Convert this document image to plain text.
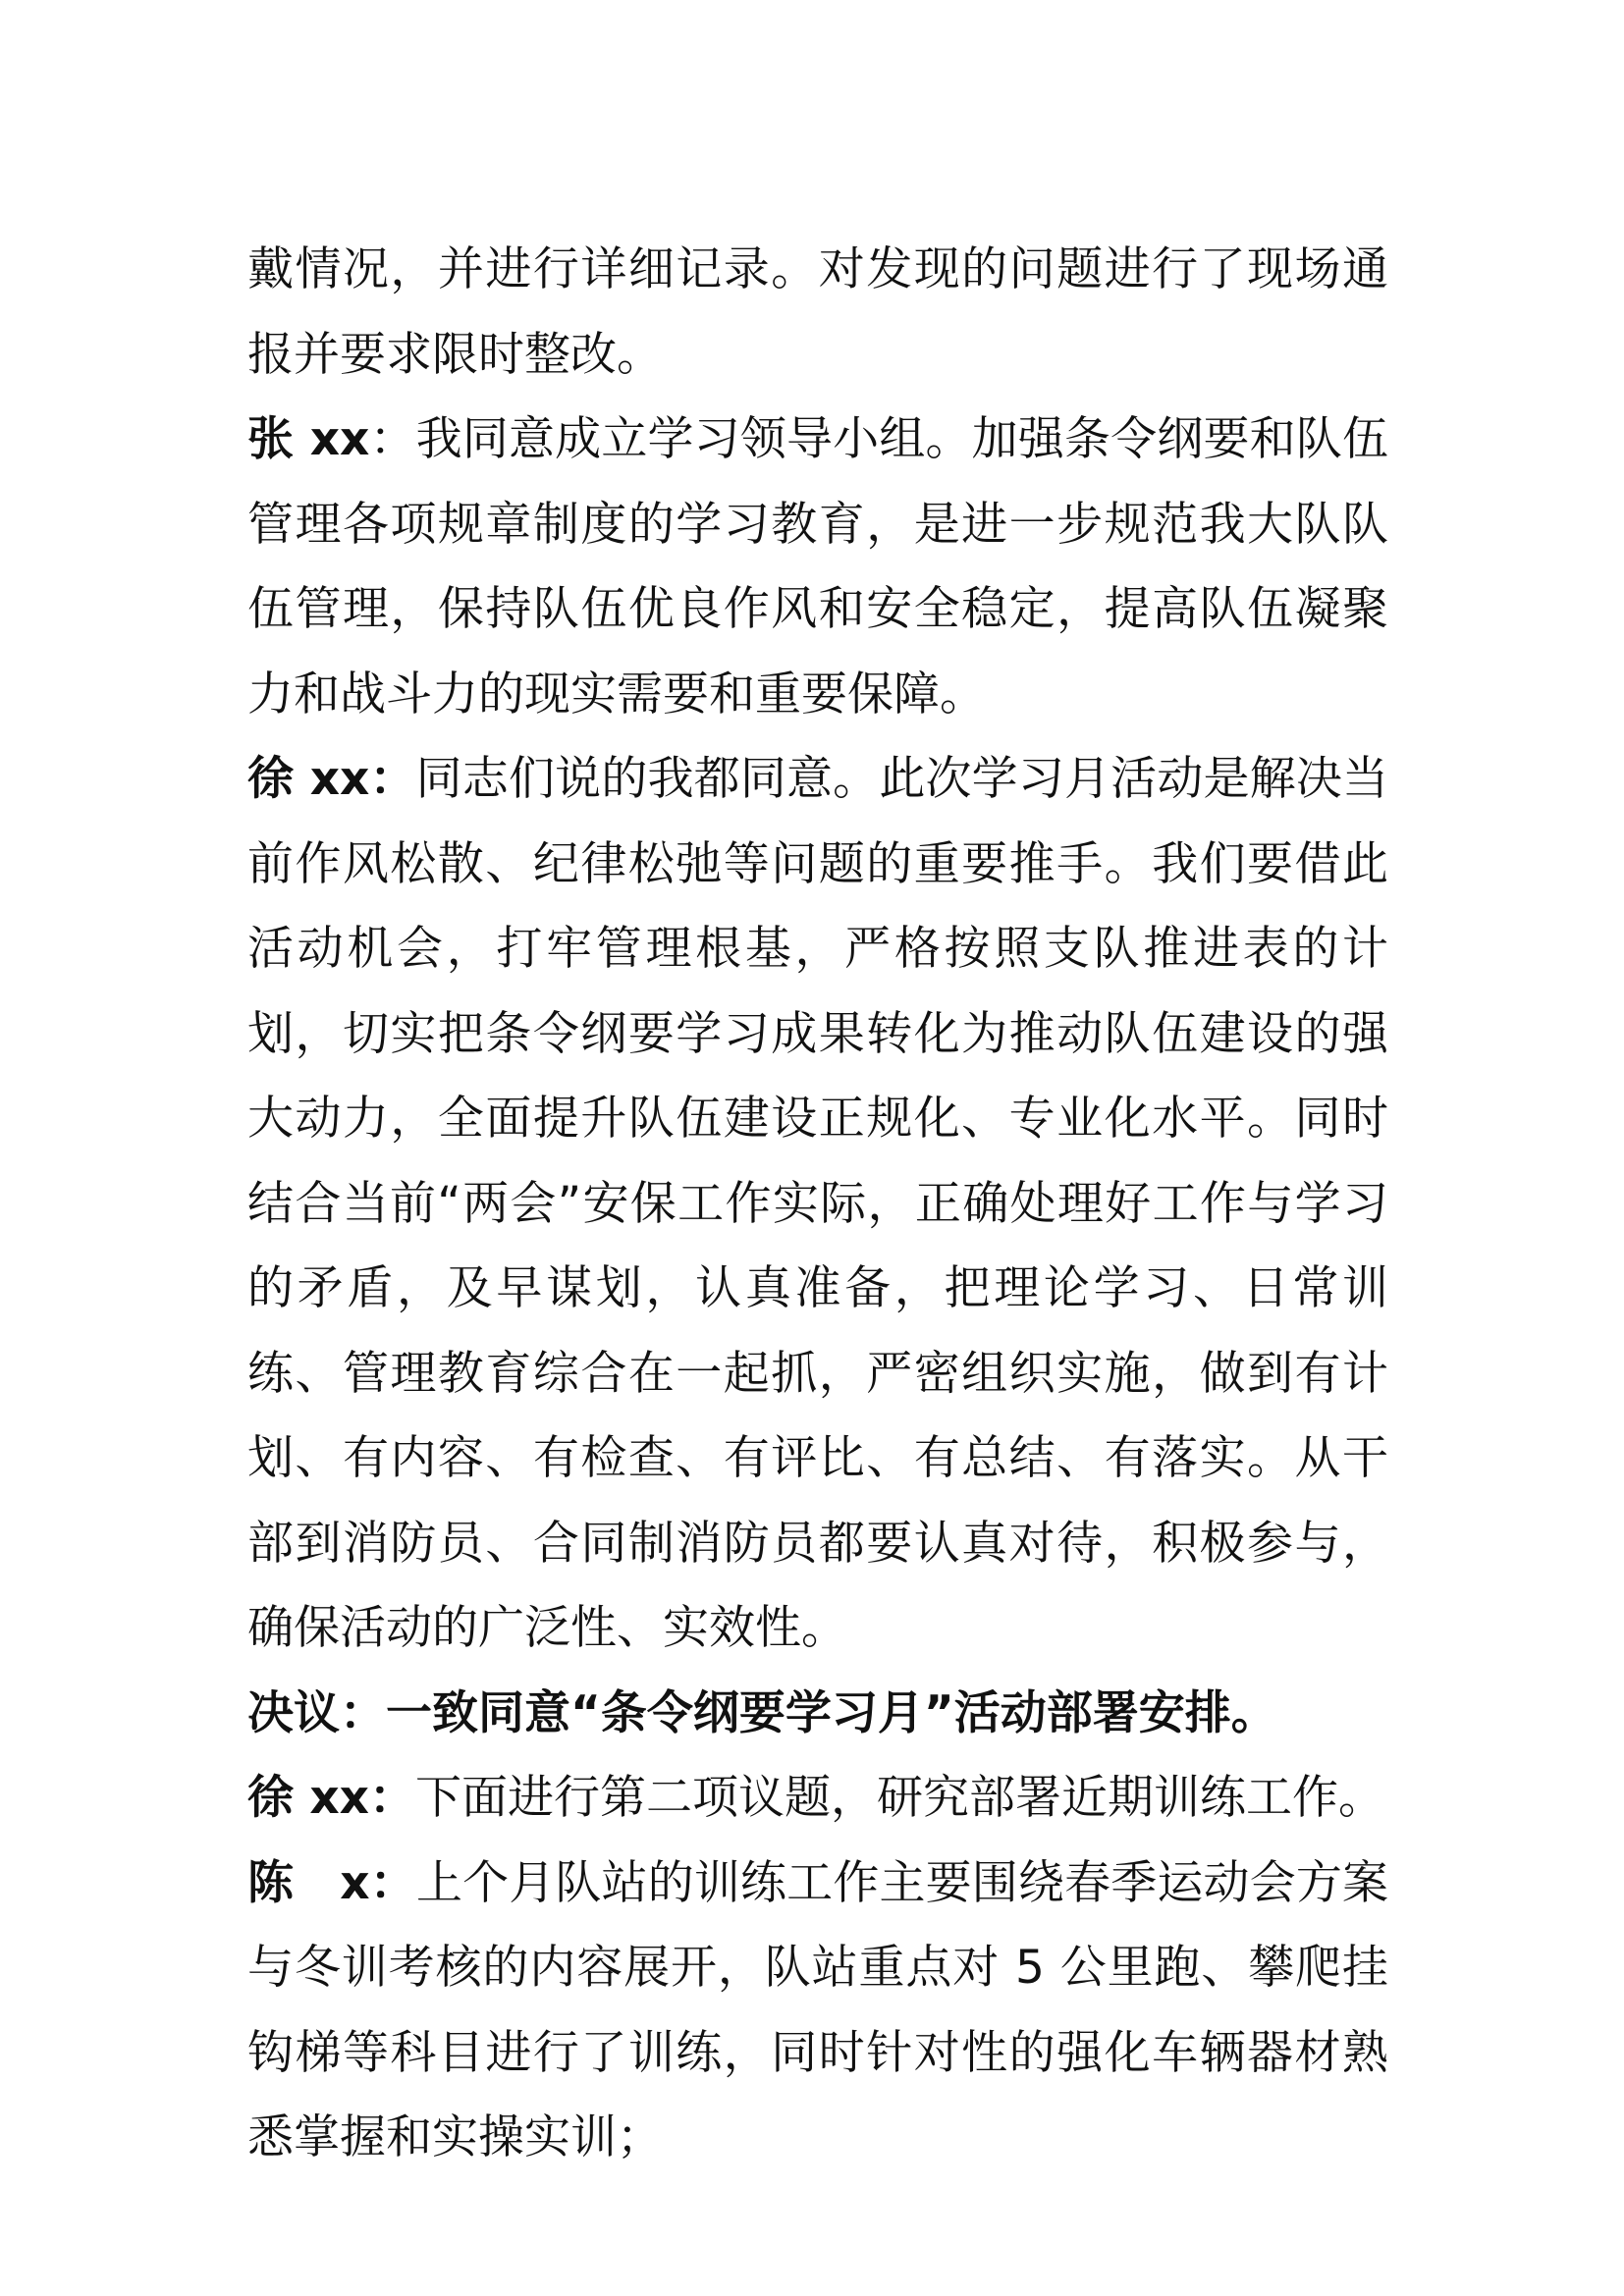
戴情况，并进行详细记录。对发现的问题进行了现场通报并要求限时整改。

张 xx：我同意成立学习领导小组。加强条令纲要和队伍管理各项规章制度的学习教育，是进一步规范我大队队伍管理，保持队伍优良作风和安全稳定，提高队伍凝聚力和战斗力的现实需要和重要保障。

徐 xx：同志们说的我都同意。此次学习月活动是解决当前作风松散、纪律松弛等问题的重要推手。我们要借此活动机会，打牢管理根基，严格按照支队推进表的计划，切实把条令纲要学习成果转化为推动队伍建设的强大动力，全面提升队伍建设正规化、专业化水平。同时结合当前“两会”安保工作实际，正确处理好工作与学习的矛盾，及早谋划，认真准备，把理论学习、日常训练、管理教育综合在一起抓，严密组织实施，做到有计划、有内容、有检查、有评比、有总结、有落实。从干部到消防员、合同制消防员都要认真对待，积极参与，确保活动的广泛性、实效性。

决议：一致同意“条令纲要学习月”活动部署安排。

徐 xx：下面进行第二项议题，研究部署近期训练工作。

陈　x：上个月队站的训练工作主要围绕春季运动会方案与冬训考核的内容展开，队站重点对 5 公里跑、攀爬挂钩梯等科目进行了训练，同时针对性的强化车辆器材熟悉掌握和实操实训；
